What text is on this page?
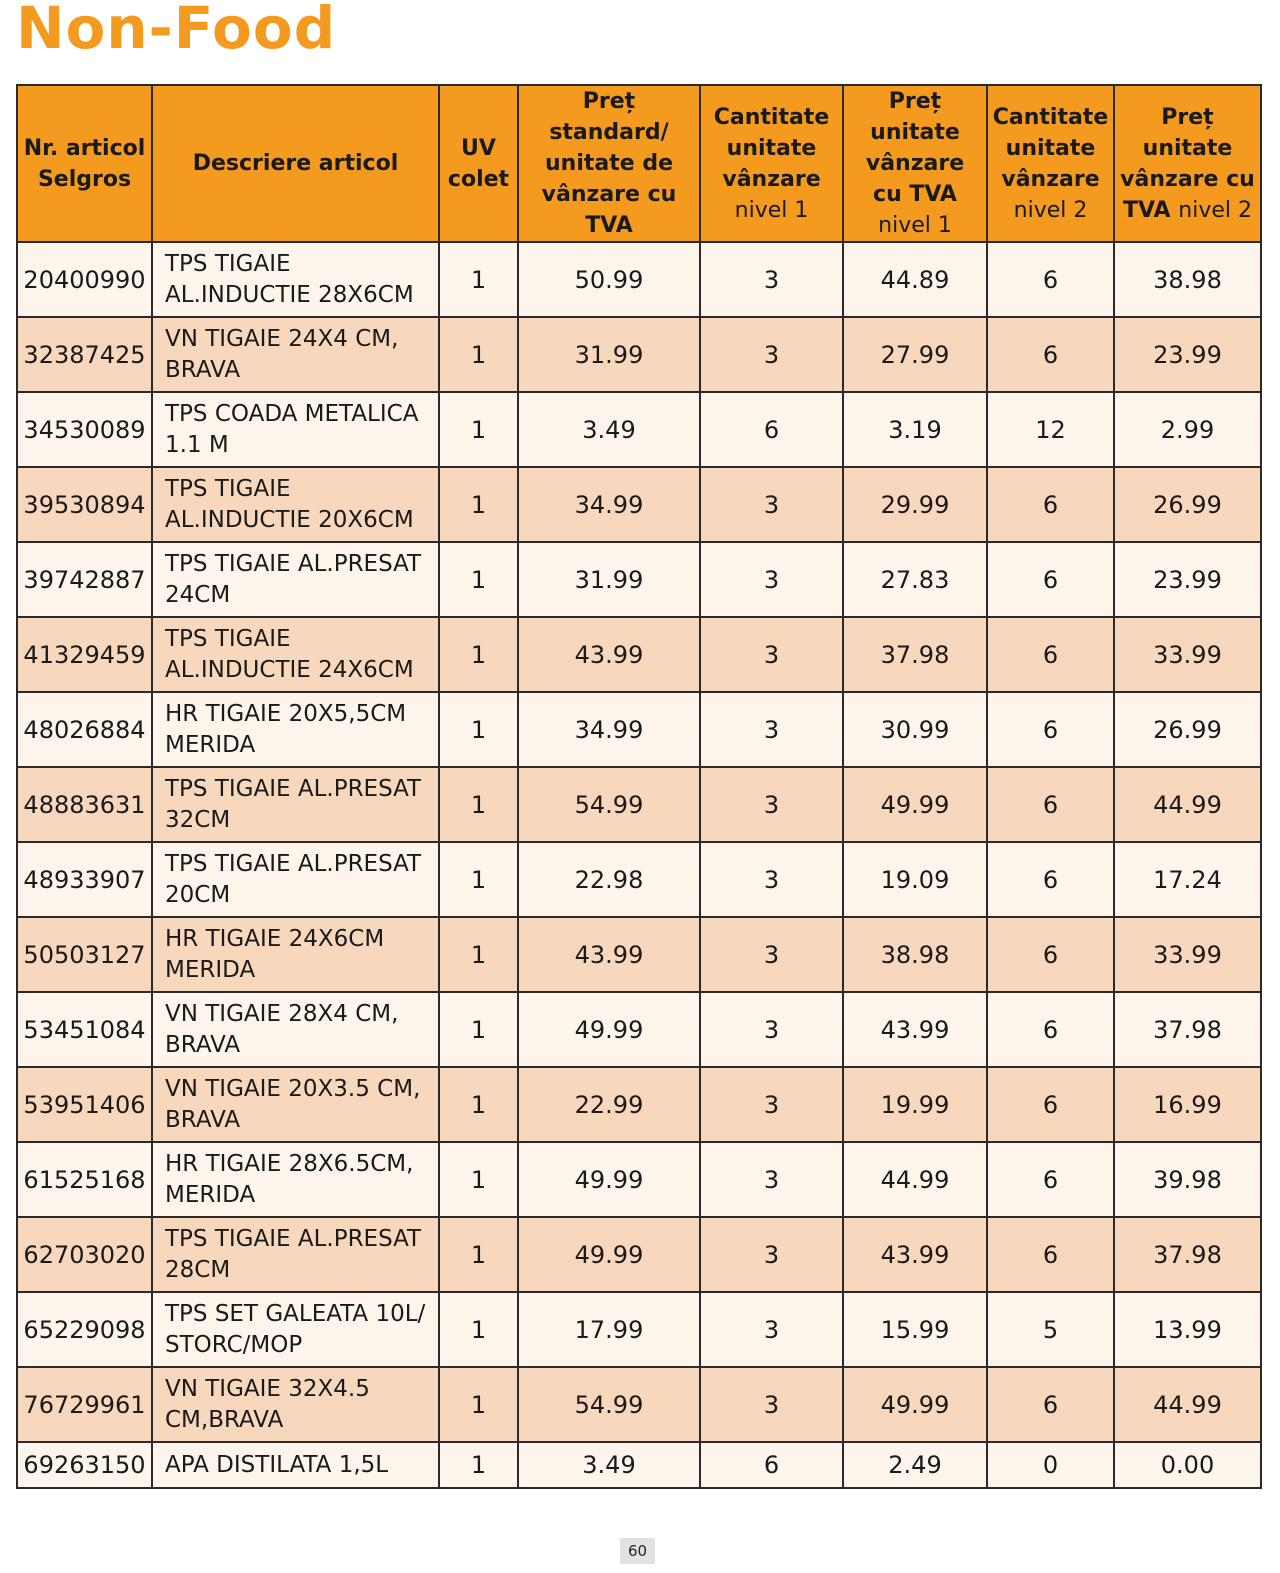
Non-Food
Nr. articol Selgros	Descriere articol	UV colet	Preț standard/ unitate de vânzare cu TVA	Cantitate unitate vânzare nivel 1	Preț unitate vânzare cu TVA nivel 1	Cantitate unitate vânzare nivel 2	Preț unitate vânzare cu TVA nivel 2
20400990	TPS TIGAIE AL.INDUCTIE 28X6CM	1	50.99	3	44.89	6	38.98
32387425	VN TIGAIE 24X4 CM, BRAVA	1	31.99	3	27.99	6	23.99
34530089	TPS COADA METALICA 1.1 M	1	3.49	6	3.19	12	2.99
39530894	TPS TIGAIE AL.INDUCTIE 20X6CM	1	34.99	3	29.99	6	26.99
39742887	TPS TIGAIE AL.PRESAT 24CM	1	31.99	3	27.83	6	23.99
41329459	TPS TIGAIE AL.INDUCTIE 24X6CM	1	43.99	3	37.98	6	33.99
48026884	HR TIGAIE 20X5,5CM MERIDA	1	34.99	3	30.99	6	26.99
48883631	TPS TIGAIE AL.PRESAT 32CM	1	54.99	3	49.99	6	44.99
48933907	TPS TIGAIE AL.PRESAT 20CM	1	22.98	3	19.09	6	17.24
50503127	HR TIGAIE 24X6CM MERIDA	1	43.99	3	38.98	6	33.99
53451084	VN TIGAIE 28X4 CM, BRAVA	1	49.99	3	43.99	6	37.98
53951406	VN TIGAIE 20X3.5 CM, BRAVA	1	22.99	3	19.99	6	16.99
61525168	HR TIGAIE 28X6.5CM, MERIDA	1	49.99	3	44.99	6	39.98
62703020	TPS TIGAIE AL.PRESAT 28CM	1	49.99	3	43.99	6	37.98
65229098	TPS SET GALEATA 10L/ STORC/MOP	1	17.99	3	15.99	5	13.99
76729961	VN TIGAIE 32X4.5 CM,BRAVA	1	54.99	3	49.99	6	44.99
69263150	APA DISTILATA 1,5L	1	3.49	6	2.49	0	0.00
60
